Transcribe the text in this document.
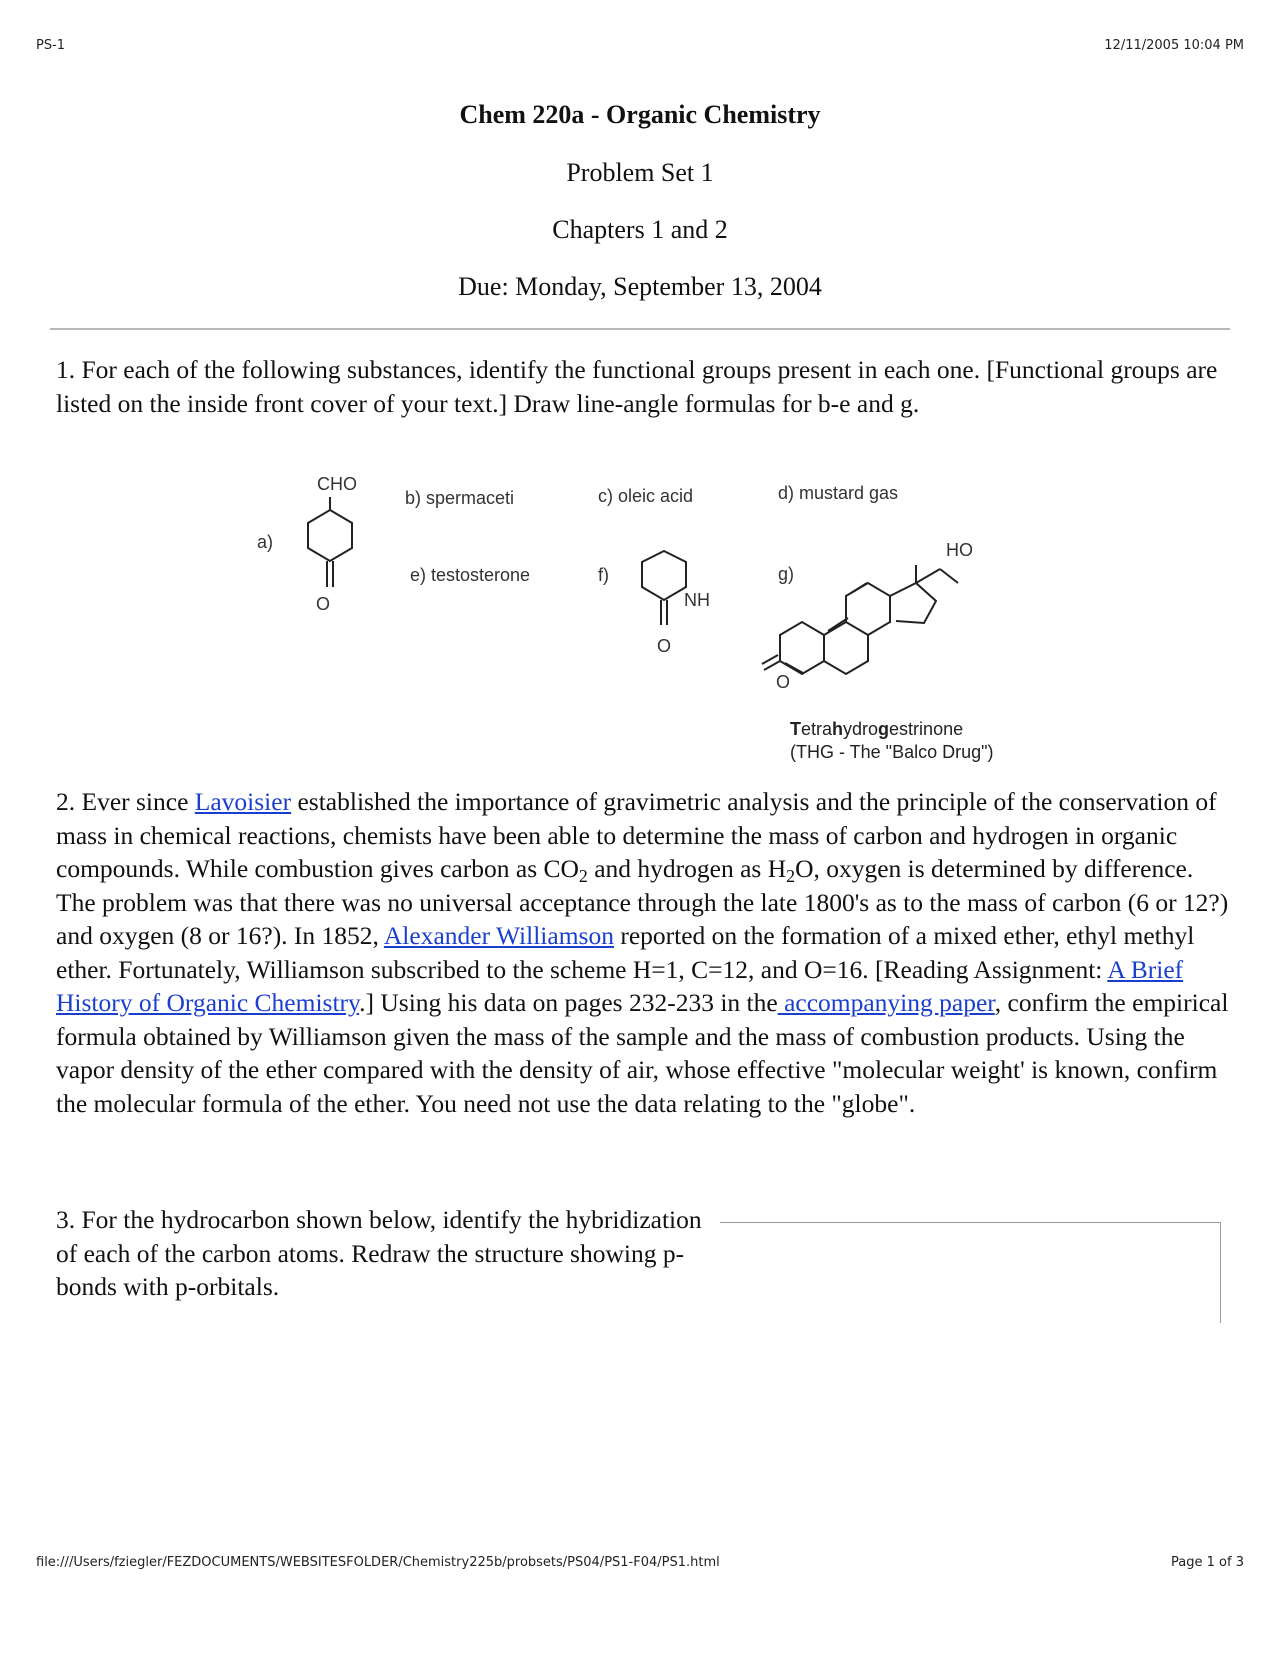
PS-1	12/11/2005 10:04 PM
Chem 220a - Organic Chemistry
Problem Set 1
Chapters 1 and 2
Due: Monday, September 13, 2004
1. For each of the following substances, identify the functional groups present in each one. [Functional groups are listed on the inside front cover of your text.] Draw line-angle formulas for b-e and g.
CHO
a)
O
b) spermaceti	c) oleic acid	d) mustard gas
e) testosterone	f)
NH
O
g)
HO
O
Tetrahydrogestrinone
(THG - The "Balco Drug")
2. Ever since Lavoisier established the importance of gravimetric analysis and the principle of the conservation of mass in chemical reactions, chemists have been able to determine the mass of carbon and hydrogen in organic compounds. While combustion gives carbon as $CO_2$ and hydrogen as $H_2O$, oxygen is determined by difference. The problem was that there was no universal acceptance through the late 1800's as to the mass of carbon (6 or 12?) and oxygen (8 or 16?). In 1852, Alexander Williamson reported on the formation of a mixed ether, ethyl methyl ether. Fortunately, Williamson subscribed to the scheme H=1, C=12, and O=16. [Reading Assignment: A Brief History of Organic Chemistry.] Using his data on pages 232-233 in the accompanying paper, confirm the empirical formula obtained by Williamson given the mass of the sample and the mass of combustion products. Using the vapor density of the ether compared with the density of air, whose effective "molecular weight' is known, confirm the molecular formula of the ether. You need not use the data relating to the "globe".
3. For the hydrocarbon shown below, identify the hybridization of each of the carbon atoms. Redraw the structure showing p-bonds with p-orbitals.
file:///Users/fziegler/FEZDOCUMENTS/WEBSITESFOLDER/Chemistry225b/probsets/PS04/PS1-F04/PS1.html	Page 1 of 3
